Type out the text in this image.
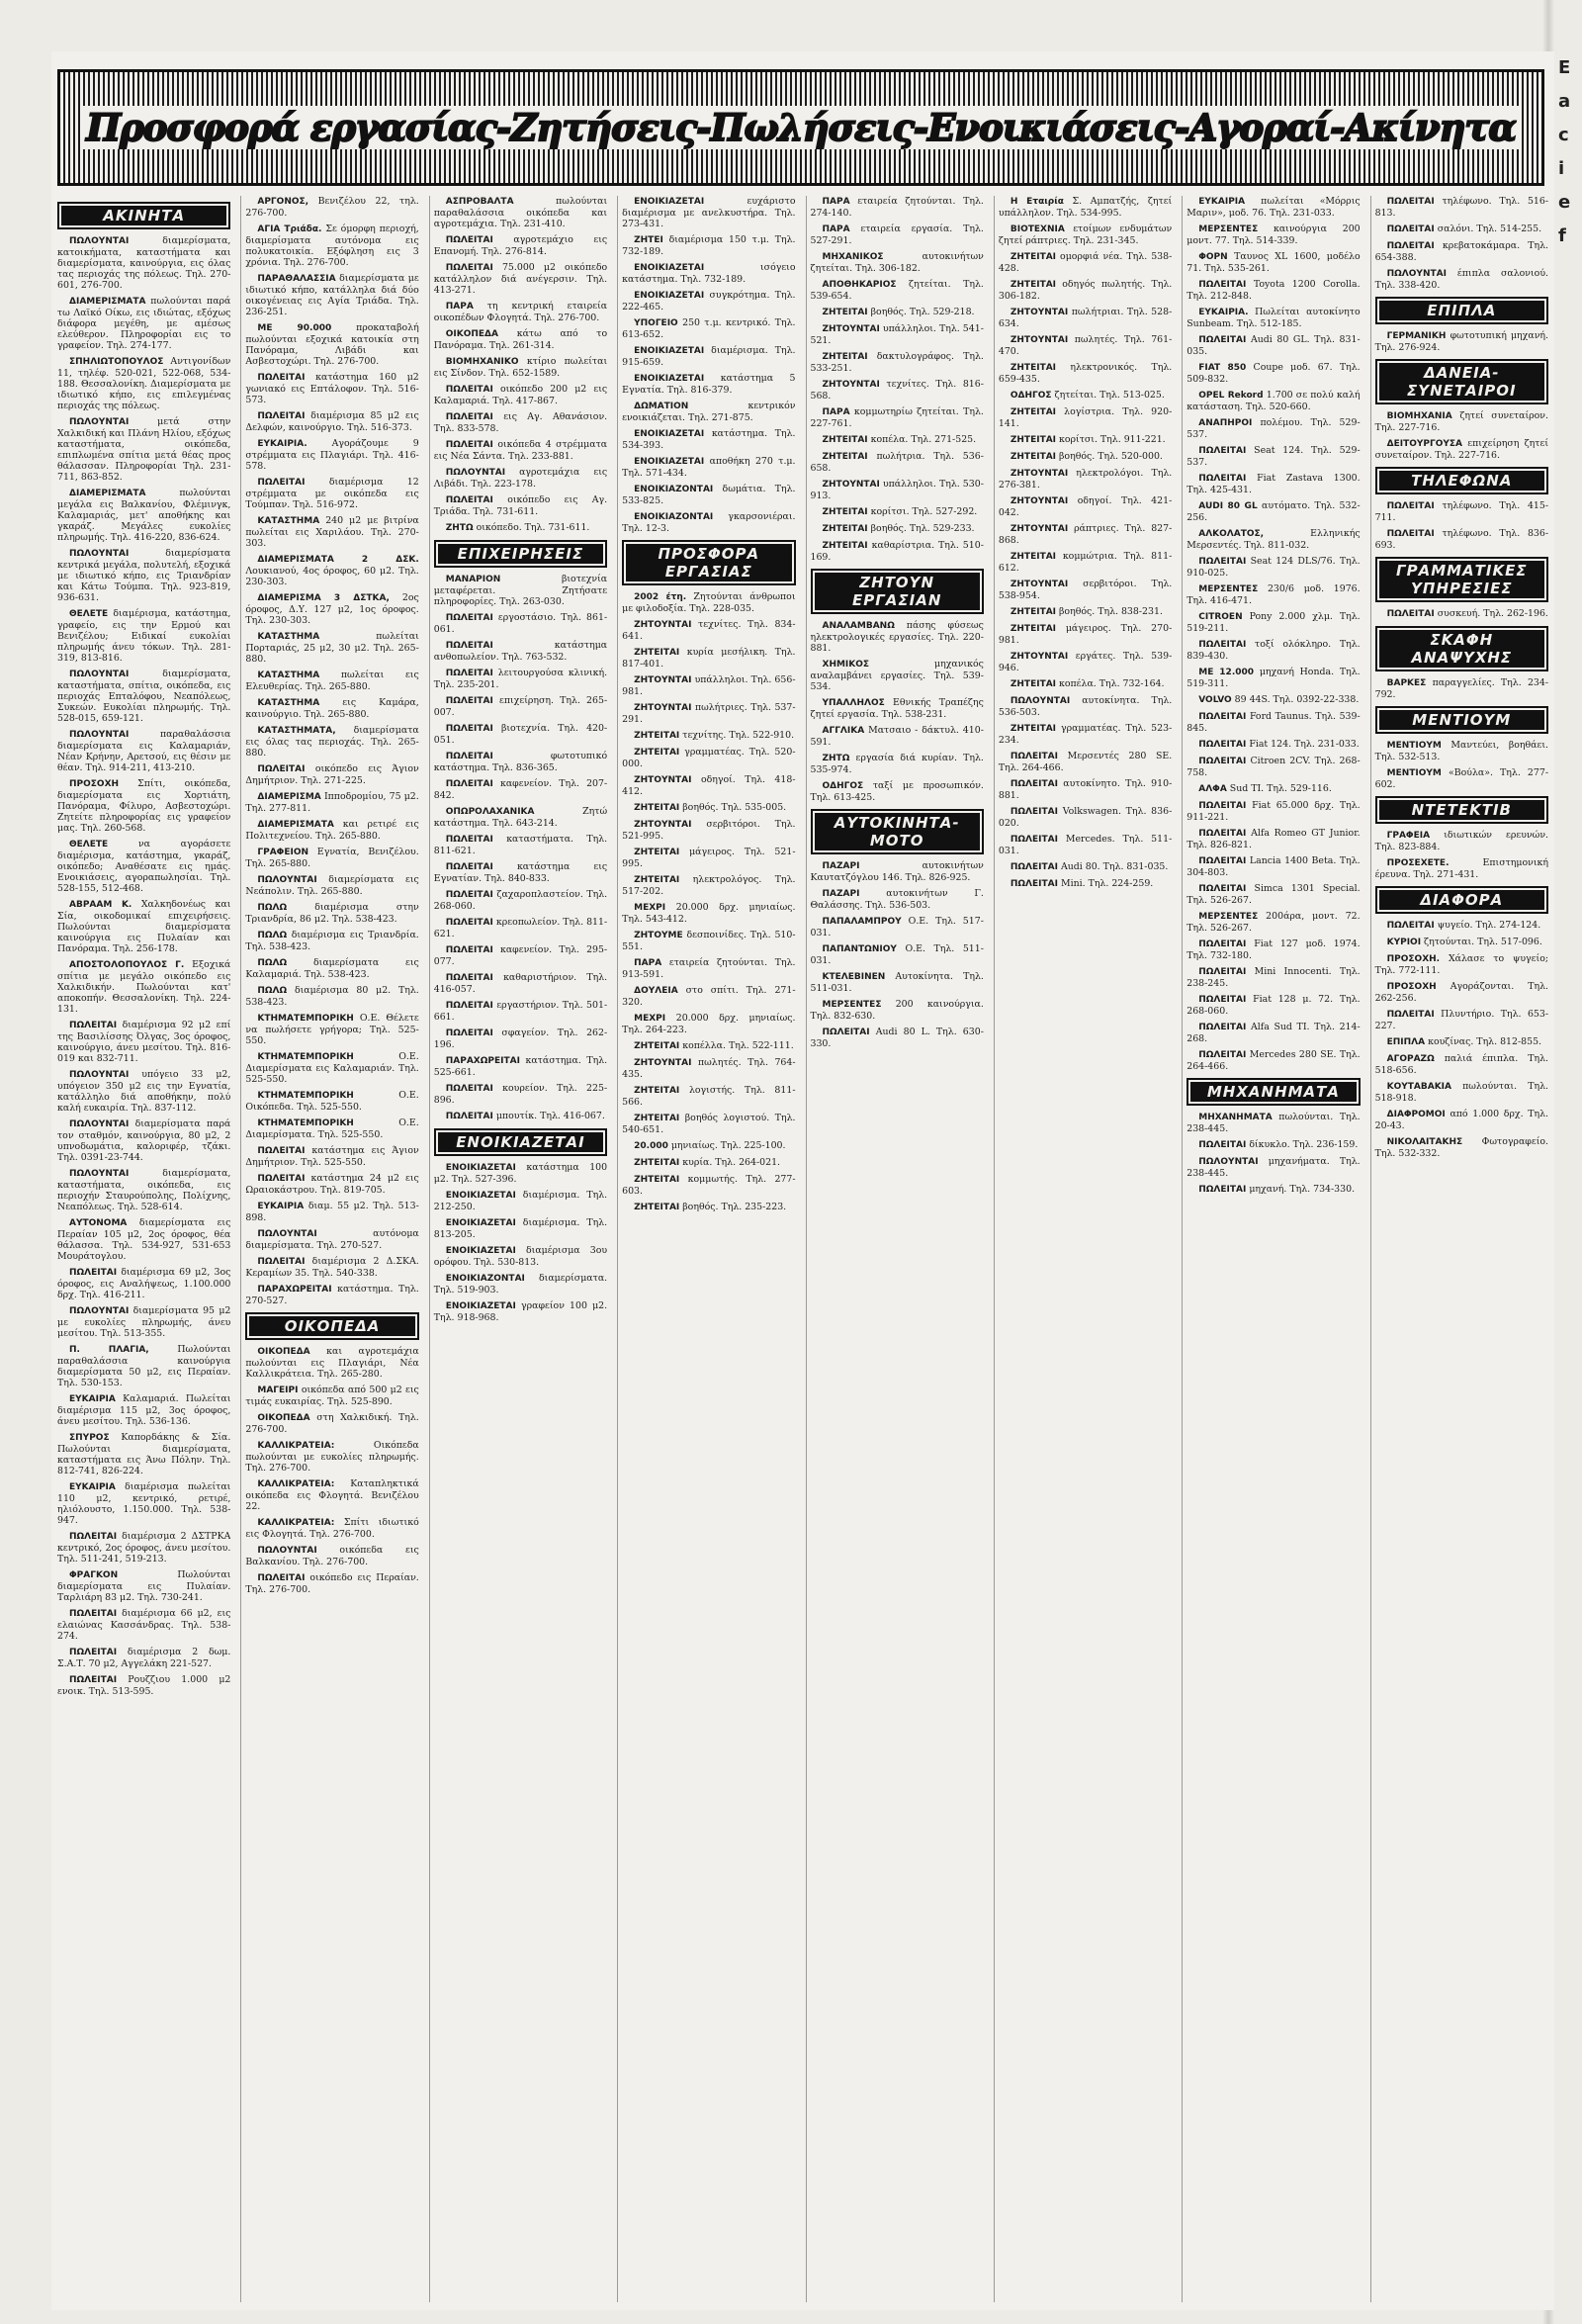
Προσφορά εργασίας-Ζητήσεις-Πωλήσεις-Ενοικιάσεις-Αγοραί-Ακίνητα
ΑΚΙΝΗΤΑ

ΠΩΛΟΥΝΤΑΙ	διαμερίσματα, κατοικήματα, καταστήματα και διαμερίσματα, καινούργια, εις όλας τας περιοχάς της πόλεως. Τηλ. 270-601, 276-700.

ΔΙΑΜΕΡΙΣΜΑΤΑ πωλούνται παρά τω Λαϊκό Οίκω, εις ιδιώτας, εξόχως διάφορα μεγέθη, με αμέσως ελεύθερον. Πληροφορίαι εις το γραφείον. Τηλ. 274-177.

ΣΠΗΛΙΩΤΟΠΟΥΛΟΣ Αντιγονίδων 11, τηλέφ. 520-021, 522-068, 534-188. Θεσσαλονίκη. Διαμερίσματα με ιδιωτικό κήπο, εις επιλεγμένας περιοχάς της πόλεως.

ΠΩΛΟΥΝΤΑΙ	μετά στην Χαλκιδική και Πλάνη Ηλίου, εξόχως καταστήματα, οικόπεδα, επιπλωμένα σπίτια μετά θέας προς θάλασσαν. Πληροφορίαι Τηλ. 231-711, 863-852.

ΔΙΑΜΕΡΙΣΜΑΤΑ	πωλούνται μεγάλα εις Βαλκανίου, Φλέμινγκ, Καλαμαριάς, μετ' αποθήκης και γκαράζ. Μεγάλες ευκολίες πληρωμής. Τηλ. 416-220, 836-624.

ΠΩΛΟΥΝΤΑΙ	διαμερίσματα κεντρικά μεγάλα, πολυτελή, εξοχικά με ιδιωτικό κήπο, εις Τριανδρίαν και Κάτω Τούμπα. Τηλ. 923-819, 936-631.

ΘΕΛΕΤΕ διαμέρισμα, κατάστημα, γραφείο, εις την Ερμού και Βενιζέλου; Ειδικαί ευκολίαι πληρωμής άνευ τόκων. Τηλ. 281-319, 813-816.

ΠΩΛΟΥΝΤΑΙ	διαμερίσματα, καταστήματα, σπίτια, οικόπεδα, εις περιοχάς Επταλόφου, Νεαπόλεως, Συκεών. Ευκολίαι πληρωμής. Τηλ. 528-015, 659-121.

ΠΩΛΟΥΝΤΑΙ	παραθαλάσσια διαμερίσματα εις Καλαμαριάν, Νέαν Κρήνην, Αρετσού, εις θέσιν με θέαν. Τηλ. 914-211, 413-210.

ΠΡΟΣΟΧΗ Σπίτι, οικόπεδα, διαμερίσματα εις Χορτιάτη, Πανόραμα, Φίλυρο, Ασβεστοχώρι. Ζητείτε πληροφορίας εις γραφείον μας. Τηλ. 260-568.

ΘΕΛΕΤΕ	να αγοράσετε διαμέρισμα, κατάστημα, γκαράζ, οικόπεδο; Αναθέσατε εις ημάς. Ενοικιάσεις, αγοραπωλησίαι. Τηλ. 528-155, 512-468.

ΑΒΡΑΑΜ Κ. Χαλκηδονέως και Σία, οικοδομικαί επιχειρήσεις. Πωλούνται διαμερίσματα καινούργια εις Πυλαίαν και Πανόραμα. Τηλ. 256-178.

ΑΠΟΣΤΟΛΟΠΟΥΛΟΣ Γ. Εξοχικά σπίτια με μεγάλο οικόπεδο εις Χαλκιδικήν. Πωλούνται κατ' αποκοπήν. Θεσσαλονίκη. Τηλ. 224-131.

ΠΩΛΕΙΤΑΙ διαμέρισμα 92 μ2 επί της Βασιλίσσης Όλγας, 3ος όροφος, καινούργιο, άνευ μεσίτου. Τηλ. 816-019 και 832-711.

ΠΩΛΟΥΝΤΑΙ υπόγειο 33 μ2, υπόγειον 350 μ2 εις την Εγνατία, κατάλληλο διά αποθήκην, πολύ καλή ευκαιρία. Τηλ. 837-112.

ΠΩΛΟΥΝΤΑΙ διαμερίσματα παρά τον σταθμόν, καινούργια, 80 μ2, 2 υπνοδωμάτια, καλοριφέρ, τζάκι. Τηλ. 0391-23-744.

ΠΩΛΟΥΝΤΑΙ	διαμερίσματα, καταστήματα, οικόπεδα, εις περιοχήν Σταυρούπολης, Πολίχνης, Νεαπόλεως. Τηλ. 528-614.

ΑΥΤΟΝΟΜΑ διαμερίσματα εις Περαίαν 105 μ2, 2ος όροφος, θέα θάλασσα. Τηλ. 534-927, 531-653 Μουράτογλου.

ΠΩΛΕΙΤΑΙ διαμέρισμα 69 μ2, 3ος όροφος, εις Αναλήψεως, 1.100.000 δρχ. Τηλ. 416-211.

ΠΩΛΟΥΝΤΑΙ διαμερίσματα 95 μ2 με ευκολίες πληρωμής, άνευ μεσίτου. Τηλ. 513-355.

Π. ΠΛΑΓΙΑ,	Πωλούνται παραθαλάσσια καινούργια διαμερίσματα 50 μ2, εις Περαίαν. Τηλ. 530-153.

ΕΥΚΑΙΡΙΑ Καλαμαριά. Πωλείται διαμέρισμα 115 μ2, 3ος όροφος, άνευ μεσίτου. Τηλ. 536-136.

ΣΠΥΡΟΣ Καπορδάκης & Σία. Πωλούνται διαμερίσματα, καταστήματα εις Άνω Πόλην. Τηλ. 812-741, 826-224.

ΕΥΚΑΙΡΙΑ διαμέρισμα πωλείται 110 μ2, κεντρικό, ρετιρέ, ηλιόλουστο, 1.150.000. Τηλ. 538-947.

ΠΩΛΕΙΤΑΙ διαμέρισμα 2 ΔΣΤΡΚΑ κεντρικό, 2ος όροφος, άνευ μεσίτου. Τηλ. 511-241, 519-213.

ΦΡΑΓΚΟΝ	Πωλούνται διαμερίσματα εις Πυλαίαν. Ταρλιάρη 83 μ2. Τηλ. 730-241.

ΠΩΛΕΙΤΑΙ διαμέρισμα 66 μ2, εις ελαιώνας Κασσάνδρας. Τηλ. 538-274.

ΠΩΛΕΙΤΑΙ διαμέρισμα 2 δωμ. Σ.Α.Τ. 70 μ2, Αγγελάκη 221-527.

ΠΩΛΕΙΤΑΙ Ρουζζιου 1.000 μ2 ενοικ. Τηλ. 513-595.

ΑΡΓΟΝΟΣ, Βενιζέλου 22, τηλ. 276-700.

ΑΓΙΑ Τριάδα. Σε όμορφη περιοχή, διαμερίσματα αυτόνομα εις πολυκατοικία. Εξόφληση εις 3 χρόνια. Τηλ. 276-700.

ΠΑΡΑΘΑΛΑΣΣΙΑ διαμερίσματα με ιδιωτικό κήπο, κατάλληλα διά δύο οικογένειας εις Αγία Τριάδα. Τηλ. 236-251.

ΜΕ 90.000	προκαταβολή πωλούνται εξοχικά κατοικία στη Πανόραμα, Λιβάδι και Ασβεστοχώρι. Τηλ. 276-700.

ΠΩΛΕΙΤΑΙ κατάστημα 160 μ2 γωνιακό εις Επτάλοφον. Τηλ. 516-573.

ΠΩΛΕΙΤΑΙ διαμέρισμα 85 μ2 εις Δελφών, καινούργιο. Τηλ. 516-373.

ΕΥΚΑΙΡΙΑ.	Αγοράζουμε 9 στρέμματα εις Πλαγιάρι. Τηλ. 416-578.

ΠΩΛΕΙΤΑΙ	διαμέρισμα 12 στρέμματα με οικόπεδα εις Τούμπαν. Τηλ. 516-972.

ΚΑΤΑΣΤΗΜΑ 240 μ2 με βιτρίνα πωλείται εις Χαριλάου. Τηλ. 270-303.

ΔΙΑΜΕΡΙΣΜΑΤΑ 2 ΔΣΚ. Λουκιανού, 4ος όροφος, 60 μ2. Τηλ. 230-303.

ΔΙΑΜΕΡΙΣΜΑ 3 ΔΣΤΚΑ, 2ος όροφος, Δ.Υ. 127 μ2, 1ος όροφος. Τηλ. 230-303.

ΚΑΤΑΣΤΗΜΑ	πωλείται Πορταριάς, 25 μ2, 30 μ2. Τηλ. 265-880.

ΚΑΤΑΣΤΗΜΑ πωλείται εις Ελευθερίας. Τηλ. 265-880.

ΚΑΤΑΣΤΗΜΑ εις Καμάρα, καινούργιο. Τηλ. 265-880.

ΚΑΤΑΣΤΗΜΑΤΑ, διαμερίσματα εις όλας τας περιοχάς. Τηλ. 265-880.

ΠΩΛΕΙΤΑΙ οικόπεδο εις Άγιον Δημήτριον. Τηλ. 271-225.

ΔΙΑΜΕΡΙΣΜΑ Ιπποδρομίου, 75 μ2. Τηλ. 277-811.

ΔΙΑΜΕΡΙΣΜΑΤΑ και ρετιρέ εις Πολιτεχνείου. Τηλ. 265-880.

ΓΡΑΦΕΙΟΝ Εγνατία, Βενιζέλου. Τηλ. 265-880.

ΠΩΛΟΥΝΤΑΙ διαμερίσματα εις Νεάπολιν. Τηλ. 265-880.

ΠΩΛΩ	διαμέρισμα στην Τριανδρία, 86 μ2. Τηλ. 538-423.

ΠΩΛΩ διαμέρισμα εις Τριανδρία. Τηλ. 538-423.

ΠΩΛΩ	διαμερίσματα εις Καλαμαριά. Τηλ. 538-423.

ΠΩΛΩ διαμέρισμα 80 μ2. Τηλ. 538-423.

ΚΤΗΜΑΤΕΜΠΟΡΙΚΗ Ο.Ε. Θέλετε να πωλήσετε γρήγορα; Τηλ. 525-550.

ΚΤΗΜΑΤΕΜΠΟΡΙΚΗ	Ο.Ε. Διαμερίσματα εις Καλαμαριάν. Τηλ. 525-550.

ΚΤΗΜΑΤΕΜΠΟΡΙΚΗ	Ο.Ε. Οικόπεδα. Τηλ. 525-550.

ΚΤΗΜΑΤΕΜΠΟΡΙΚΗ	Ο.Ε. Διαμερίσματα. Τηλ. 525-550.

ΠΩΛΕΙΤΑΙ κατάστημα εις Άγιον Δημήτριον. Τηλ. 525-550.

ΠΩΛΕΙΤΑΙ κατάστημα 24 μ2 εις Ωραιοκάστρου. Τηλ. 819-705.

ΕΥΚΑΙΡΙΑ διαμ. 55 μ2. Τηλ. 513-898.

ΠΩΛΟΥΝΤΑΙ	αυτόνομα διαμερίσματα. Τηλ. 270-527.

ΠΩΛΕΙΤΑΙ διαμέρισμα 2 Δ.ΣΚΑ. Κεραμίων 35. Τηλ. 540-338.

ΠΑΡΑΧΩΡΕΙΤΑΙ κατάστημα. Τηλ. 270-527.

ΟΙΚΟΠΕΔΑ

ΟΙΚΟΠΕΔΑ και αγροτεμάχια πωλούνται εις Πλαγιάρι, Νέα Καλλικράτεια. Τηλ. 265-280.

ΜΑΓΕΙΡΙ οικόπεδα από 500 μ2 εις τιμάς ευκαιρίας. Τηλ. 525-890.

ΟΙΚΟΠΕΔΑ στη Χαλκιδική. Τηλ. 276-700.

ΚΑΛΛΙΚΡΑΤΕΙΑ:	Οικόπεδα πωλούνται με ευκολίες πληρωμής. Τηλ. 276-700.

ΚΑΛΛΙΚΡΑΤΕΙΑ: Καταπληκτικά οικόπεδα εις Φλογητά. Βενιζέλου 22.

ΚΑΛΛΙΚΡΑΤΕΙΑ: Σπίτι ιδιωτικό εις Φλογητά. Τηλ. 276-700.

ΠΩΛΟΥΝΤΑΙ οικόπεδα εις Βαλκανίου. Τηλ. 276-700.

ΠΩΛΕΙΤΑΙ οικόπεδο εις Περαίαν. Τηλ. 276-700.

ΑΣΠΡΟΒΑΛΤΑ	πωλούνται παραθαλάσσια οικόπεδα και αγροτεμάχια. Τηλ. 231-410.

ΠΩΛΕΙΤΑΙ αγροτεμάχιο εις Επανομή. Τηλ. 276-814.

ΠΩΛΕΙΤΑΙ 75.000 μ2 οικόπεδο κατάλληλον διά ανέγερσιν. Τηλ. 413-271.

ΠΑΡΑ τη κεντρική εταιρεία οικοπέδων Φλογητά. Τηλ. 276-700.

ΟΙΚΟΠΕΔΑ κάτω από το Πανόραμα. Τηλ. 261-314.

ΒΙΟΜΗΧΑΝΙΚΟ κτίριο πωλείται εις Σίνδον. Τηλ. 652-1589.

ΠΩΛΕΙΤΑΙ οικόπεδο 200 μ2 εις Καλαμαριά. Τηλ. 417-867.

ΠΩΛΕΙΤΑΙ εις Αγ. Αθανάσιον. Τηλ. 833-578.

ΠΩΛΕΙΤΑΙ οικόπεδα 4 στρέμματα εις Νέα Σάντα. Τηλ. 233-881.

ΠΩΛΟΥΝΤΑΙ αγροτεμάχια εις Λιβάδι. Τηλ. 223-178.

ΠΩΛΕΙΤΑΙ οικόπεδο εις Αγ. Τριάδα. Τηλ. 731-611.

ΖΗΤΩ οικόπεδο. Τηλ. 731-611.

ΕΠΙΧΕΙΡΗΣΕΙΣ

ΜΑΝΑΡΙΟΝ	βιοτεχνία μεταφέρεται. Ζητήσατε πληροφορίες. Τηλ. 263-030.

ΠΩΛΕΙΤΑΙ εργοστάσιο. Τηλ. 861-061.

ΠΩΛΕΙΤΑΙ	κατάστημα ανθοπωλείον. Τηλ. 763-532.

ΠΩΛΕΙΤΑΙ λειτουργούσα κλινική. Τηλ. 235-201.

ΠΩΛΕΙΤΑΙ επιχείρηση. Τηλ. 265-007.

ΠΩΛΕΙΤΑΙ βιοτεχνία. Τηλ. 420-051.

ΠΩΛΕΙΤΑΙ	φωτοτυπικό κατάστημα. Τηλ. 836-365.

ΠΩΛΕΙΤΑΙ καφενείον. Τηλ. 207-842.

ΟΠΩΡΟΛΑΧΑΝΙΚΑ	Ζητώ κατάστημα. Τηλ. 643-214.

ΠΩΛΕΙΤΑΙ καταστήματα. Τηλ. 811-621.

ΠΩΛΕΙΤΑΙ	κατάστημα εις Εγνατίαν. Τηλ. 840-833.

ΠΩΛΕΙΤΑΙ ζαχαροπλαστείον. Τηλ. 268-060.

ΠΩΛΕΙΤΑΙ κρεοπωλείον. Τηλ. 811-621.

ΠΩΛΕΙΤΑΙ καφενείον. Τηλ. 295-077.

ΠΩΛΕΙΤΑΙ καθαριστήριον. Τηλ. 416-057.

ΠΩΛΕΙΤΑΙ εργαστήριον. Τηλ. 501-661.

ΠΩΛΕΙΤΑΙ σφαγείον. Τηλ. 262-196.

ΠΑΡΑΧΩΡΕΙΤΑΙ κατάστημα. Τηλ. 525-661.

ΠΩΛΕΙΤΑΙ κουρείον. Τηλ. 225-896.

ΠΩΛΕΙΤΑΙ μπουτίκ. Τηλ. 416-067.

ΕΝΟΙΚΙΑΖΕΤΑΙ

ΕΝΟΙΚΙΑΖΕΤΑΙ κατάστημα 100 μ2. Τηλ. 527-396.

ΕΝΟΙΚΙΑΖΕΤΑΙ διαμέρισμα. Τηλ. 212-250.

ΕΝΟΙΚΙΑΖΕΤΑΙ διαμέρισμα. Τηλ. 813-205.

ΕΝΟΙΚΙΑΖΕΤΑΙ διαμέρισμα 3ου ορόφου. Τηλ. 530-813.

ΕΝΟΙΚΙΑΖΟΝΤΑΙ διαμερίσματα. Τηλ. 519-903.

ΕΝΟΙΚΙΑΖΕΤΑΙ γραφείον 100 μ2. Τηλ. 918-968.

ΕΝΟΙΚΙΑΖΕΤΑΙ	ευχάριστο διαμέρισμα με ανελκυστήρα. Τηλ. 273-431.

ΖΗΤΕΙ διαμέρισμα 150 τ.μ. Τηλ. 732-189.

ΕΝΟΙΚΙΑΖΕΤΑΙ	ισόγειο κατάστημα. Τηλ. 732-189.

ΕΝΟΙΚΙΑΖΕΤΑΙ συγκρότημα. Τηλ. 222-465.

ΥΠΟΓΕΙΟ 250 τ.μ. κεντρικό. Τηλ. 613-652.

ΕΝΟΙΚΙΑΖΕΤΑΙ διαμέρισμα. Τηλ. 915-659.

ΕΝΟΙΚΙΑΖΕΤΑΙ κατάστημα 5 Εγνατία. Τηλ. 816-379.

ΔΩΜΑΤΙΟΝ	κεντρικόν ενοικιάζεται. Τηλ. 271-875.

ΕΝΟΙΚΙΑΖΕΤΑΙ κατάστημα. Τηλ. 534-393.

ΕΝΟΙΚΙΑΖΕΤΑΙ αποθήκη 270 τ.μ. Τηλ. 571-434.

ΕΝΟΙΚΙΑΖΟΝΤΑΙ δωμάτια. Τηλ. 533-825.

ΕΝΟΙΚΙΑΖΟΝΤΑΙ γκαρσονιέραι. Τηλ. 12-3.

ΠΡΟΣΦΟΡΑ ΕΡΓΑΣΙΑΣ

2002 έτη. Ζητούνται άνθρωποι με φιλοδοξία. Τηλ. 228-035.

ΖΗΤΟΥΝΤΑΙ τεχνίτες. Τηλ. 834-641.

ΖΗΤΕΙΤΑΙ κυρία μεσήλικη. Τηλ. 817-401.

ΖΗΤΟΥΝΤΑΙ υπάλληλοι. Τηλ. 656-981.

ΖΗΤΟΥΝΤΑΙ πωλήτριες. Τηλ. 537-291.

ΖΗΤΕΙΤΑΙ τεχνίτης. Τηλ. 522-910.

ΖΗΤΕΙΤΑΙ γραμματέας. Τηλ. 520-000.

ΖΗΤΟΥΝΤΑΙ οδηγοί. Τηλ. 418-412.

ΖΗΤΕΙΤΑΙ βοηθός. Τηλ. 535-005.

ΖΗΤΟΥΝΤΑΙ σερβιτόροι. Τηλ. 521-995.

ΖΗΤΕΙΤΑΙ μάγειρος. Τηλ. 521-995.

ΖΗΤΕΙΤΑΙ ηλεκτρολόγος. Τηλ. 517-202.

ΜΕΧΡΙ 20.000 δρχ. μηνιαίως. Τηλ. 543-412.

ΖΗΤΟΥΜΕ δεσποινίδες. Τηλ. 510-551.

ΠΑΡΑ εταιρεία ζητούνται. Τηλ. 913-591.

ΔΟΥΛΕΙΑ στο σπίτι. Τηλ. 271-320.

ΜΕΧΡΙ 20.000 δρχ. μηνιαίως. Τηλ. 264-223.

ΖΗΤΕΙΤΑΙ κοπέλλα. Τηλ. 522-111.

ΖΗΤΟΥΝΤΑΙ πωλητές. Τηλ. 764-435.

ΖΗΤΕΙΤΑΙ λογιστής. Τηλ. 811-566.

ΖΗΤΕΙΤΑΙ βοηθός λογιστού. Τηλ. 540-651.

20.000 μηνιαίως. Τηλ. 225-100.

ΖΗΤΕΙΤΑΙ κυρία. Τηλ. 264-021.

ΖΗΤΕΙΤΑΙ κομμωτής. Τηλ. 277-603.

ΖΗΤΕΙΤΑΙ βοηθός. Τηλ. 235-223.

ΠΑΡΑ εταιρεία ζητούνται. Τηλ. 274-140.

ΠΑΡΑ εταιρεία εργασία. Τηλ. 527-291.

ΜΗΧΑΝΙΚΟΣ	αυτοκινήτων ζητείται. Τηλ. 306-182.

ΑΠΟΘΗΚΑΡΙΟΣ ζητείται. Τηλ. 539-654.

ΖΗΤΕΙΤΑΙ βοηθός. Τηλ. 529-218.

ΖΗΤΟΥΝΤΑΙ υπάλληλοι. Τηλ. 541-521.

ΖΗΤΕΙΤΑΙ δακτυλογράφος. Τηλ. 533-251.

ΖΗΤΟΥΝΤΑΙ τεχνίτες. Τηλ. 816-568.

ΠΑΡΑ κομμωτηρίω ζητείται. Τηλ. 227-761.

ΖΗΤΕΙΤΑΙ κοπέλα. Τηλ. 271-525.

ΖΗΤΕΙΤΑΙ πωλήτρια. Τηλ. 536-658.

ΖΗΤΟΥΝΤΑΙ υπάλληλοι. Τηλ. 530-913.

ΖΗΤΕΙΤΑΙ κορίτσι. Τηλ. 527-292.

ΖΗΤΕΙΤΑΙ βοηθός. Τηλ. 529-233.

ΖΗΤΕΙΤΑΙ καθαρίστρια. Τηλ. 510-169.

ΖΗΤΟΥΝ ΕΡΓΑΣΙΑΝ

ΑΝΑΛΑΜΒΑΝΩ πάσης φύσεως ηλεκτρολογικές εργασίες. Τηλ. 220-881.

ΧΗΜΙΚΟΣ	μηχανικός αναλαμβάνει εργασίες. Τηλ. 539-534.

ΥΠΑΛΛΗΛΟΣ Εθνικής Τραπέζης ζητεί εργασία. Τηλ. 538-231.

ΑΓΓΛΙΚΑ Ματσαιο - δάκτυλ. 410-591.

ΖΗΤΩ εργασία διά κυρίαν. Τηλ. 535-974.

ΟΔΗΓΟΣ ταξί με προσωπικόν. Τηλ. 613-425.

ΑΥΤΟΚΙΝΗΤΑ-ΜΟΤΟ

ΠΑΖΑΡΙ	αυτοκινήτων Καυτατζόγλου 146. Τηλ. 826-925.

ΠΑΖΑΡΙ	αυτοκινήτων Γ. Θαλάσσης. Τηλ. 536-503.

ΠΑΠΑΛΑΜΠΡΟΥ Ο.Ε. Τηλ. 517-031.

ΠΑΠΑΝΤΩΝΙΟΥ Ο.Ε. Τηλ. 511-031.

ΚΤΕΛΕΒΙΝΕΝ Αυτοκίνητα. Τηλ. 511-031.

ΜΕΡΣΕΝΤΕΣ 200 καινούργια. Τηλ. 832-630.

ΠΩΛΕΙΤΑΙ Audi 80 L. Τηλ. 630-330.

Η Εταιρία Σ. Αμπατζής, ζητεί υπάλληλον. Τηλ. 534-995.

ΒΙΟΤΕΧΝΙΑ ετοίμων ενδυμάτων ζητεί ράπτριες. Τηλ. 231-345.

ΖΗΤΕΙΤΑΙ ομορφιά νέα. Τηλ. 538-428.

ΖΗΤΕΙΤΑΙ οδηγός πωλητής. Τηλ. 306-182.

ΖΗΤΟΥΝΤΑΙ πωλήτριαι. Τηλ. 528-634.

ΖΗΤΟΥΝΤΑΙ πωλητές. Τηλ. 761-470.

ΖΗΤΕΙΤΑΙ ηλεκτρονικός. Τηλ. 659-435.

ΟΔΗΓΟΣ ζητείται. Τηλ. 513-025.

ΖΗΤΕΙΤΑΙ λογίστρια. Τηλ. 920-141.

ΖΗΤΕΙΤΑΙ κορίτσι. Τηλ. 911-221.

ΖΗΤΕΙΤΑΙ βοηθός. Τηλ. 520-000.

ΖΗΤΟΥΝΤΑΙ ηλεκτρολόγοι. Τηλ. 276-381.

ΖΗΤΟΥΝΤΑΙ οδηγοί. Τηλ. 421-042.

ΖΗΤΟΥΝΤΑΙ ράπτριες. Τηλ. 827-868.

ΖΗΤΕΙΤΑΙ κομμώτρια. Τηλ. 811-612.

ΖΗΤΟΥΝΤΑΙ σερβιτόροι. Τηλ. 538-954.

ΖΗΤΕΙΤΑΙ βοηθός. Τηλ. 838-231.

ΖΗΤΕΙΤΑΙ μάγειρος. Τηλ. 270-981.

ΖΗΤΟΥΝΤΑΙ εργάτες. Τηλ. 539-946.

ΖΗΤΕΙΤΑΙ κοπέλα. Τηλ. 732-164.

ΠΩΛΟΥΝΤΑΙ αυτοκίνητα. Τηλ. 536-503.

ΖΗΤΕΙΤΑΙ γραμματέας. Τηλ. 523-234.

ΠΩΛΕΙΤΑΙ Μερσεντές 280 SE. Τηλ. 264-466.

ΠΩΛΕΙΤΑΙ αυτοκίνητο. Τηλ. 910-881.

ΠΩΛΕΙΤΑΙ Volkswagen. Τηλ. 836-020.

ΠΩΛΕΙΤΑΙ Mercedes. Τηλ. 511-031.

ΠΩΛΕΙΤΑΙ Audi 80. Τηλ. 831-035.

ΠΩΛΕΙΤΑΙ Mini. Τηλ. 224-259.

ΕΥΚΑΙΡΙΑ πωλείται «Μόρρις Μαριν», μοδ. 76. Τηλ. 231-033.

ΜΕΡΣΕΝΤΕΣ καινούργια 200 μοντ. 77. Τηλ. 514-339.

ΦΟΡΝ Ταυνος XL 1600, μοδέλο 71. Τηλ. 535-261.

ΠΩΛΕΙΤΑΙ Toyota 1200 Corolla. Τηλ. 212-848.

ΕΥΚΑΙΡΙΑ. Πωλείται αυτοκίνητο Sunbeam. Τηλ. 512-185.

ΠΩΛΕΙΤΑΙ Audi 80 GL. Τηλ. 831-035.

FIAT 850 Coupe μοδ. 67. Τηλ. 509-832.

OPEL Rekord 1.700 σε πολύ καλή κατάσταση. Τηλ. 520-660.

ΑΝΑΠΗΡΟΙ πολέμου. Τηλ. 529-537.

ΠΩΛΕΙΤΑΙ Seat 124. Τηλ. 529-537.

ΠΩΛΕΙΤΑΙ Fiat Zastava 1300. Τηλ. 425-431.

AUDI 80 GL αυτόματο. Τηλ. 532-256.

ΑΛΚΟΛΑΤΟΣ,	Ελληνικής Μερσεντές. Τηλ. 811-032.

ΠΩΛΕΙΤΑΙ Seat 124 DLS/76. Τηλ. 910-025.

ΜΕΡΣΕΝΤΕΣ 230/6 μοδ. 1976. Τηλ. 416-471.

CITROEN Pony 2.000 χλμ. Τηλ. 519-211.

ΠΩΛΕΙΤΑΙ τοξί ολόκληρο. Τηλ. 839-430.

ΜΕ 12.000 μηχανή Honda. Τηλ. 519-311.

VOLVO 89 44S. Τηλ. 0392-22-338.

ΠΩΛΕΙΤΑΙ Ford Taunus. Τηλ. 539-845.

ΠΩΛΕΙΤΑΙ Fiat 124. Τηλ. 231-033.

ΠΩΛΕΙΤΑΙ Citroen 2CV. Τηλ. 268-758.

ΑΛΦΑ Sud TI. Τηλ. 529-116.

ΠΩΛΕΙΤΑΙ Fiat 65.000 δρχ. Τηλ. 911-221.

ΠΩΛΕΙΤΑΙ Alfa Romeo GT Junior. Τηλ. 826-821.

ΠΩΛΕΙΤΑΙ Lancia 1400 Beta. Τηλ. 304-803.

ΠΩΛΕΙΤΑΙ Simca 1301 Special. Τηλ. 526-267.

ΜΕΡΣΕΝΤΕΣ 200άρα, μοντ. 72. Τηλ. 526-267.

ΠΩΛΕΙΤΑΙ Fiat 127 μοδ. 1974. Τηλ. 732-180.

ΠΩΛΕΙΤΑΙ Mini Innocenti. Τηλ. 238-245.

ΠΩΛΕΙΤΑΙ Fiat 128 μ. 72. Τηλ. 268-060.

ΠΩΛΕΙΤΑΙ Alfa Sud TI. Τηλ. 214-268.

ΠΩΛΕΙΤΑΙ Mercedes 280 SE. Τηλ. 264-466.

ΜΗΧΑΝΗΜΑΤΑ

ΜΗΧΑΝΗΜΑΤΑ πωλούνται. Τηλ. 238-445.

ΠΩΛΕΙΤΑΙ δίκυκλο. Τηλ. 236-159.

ΠΩΛΟΥΝΤΑΙ μηχανήματα. Τηλ. 238-445.

ΠΩΛΕΙΤΑΙ μηχανή. Τηλ. 734-330.

ΠΩΛΕΙΤΑΙ τηλέφωνο. Τηλ. 516-813.

ΠΩΛΕΙΤΑΙ σαλόνι. Τηλ. 514-255.

ΠΩΛΕΙΤΑΙ κρεβατοκάμαρα. Τηλ. 654-388.

ΠΩΛΟΥΝΤΑΙ έπιπλα σαλονιού. Τηλ. 338-420.

ΕΠΙΠΛΑ

ΓΕΡΜΑΝΙΚΗ φωτοτυπική μηχανή. Τηλ. 276-924.

ΔΑΝΕΙΑ-ΣΥΝΕΤΑΙΡΟΙ

ΒΙΟΜΗΧΑΝΙΑ ζητεί συνεταίρον. Τηλ. 227-716.

ΔΕΙΤΟΥΡΓΟΥΣΑ επιχείρηση ζητεί συνεταίρον. Τηλ. 227-716.

ΤΗΛΕΦΩΝΑ

ΠΩΛΕΙΤΑΙ τηλέφωνο. Τηλ. 415-711.

ΠΩΛΕΙΤΑΙ τηλέφωνο. Τηλ. 836-693.

ΓΡΑΜΜΑΤΙΚΕΣ ΥΠΗΡΕΣΙΕΣ

ΠΩΛΕΙΤΑΙ συσκευή. Τηλ. 262-196.

ΣΚΑΦΗ ΑΝΑΨΥΧΗΣ

ΒΑΡΚΕΣ παραγγελίες. Τηλ. 234-792.

ΜΕΝΤΙΟΥΜ

ΜΕΝΤΙΟΥΜ Μαντεύει, βοηθάει. Τηλ. 532-513.

ΜΕΝΤΙΟΥΜ «Βούλα». Τηλ. 277-602.

ΝΤΕΤΕΚΤΙΒ

ΓΡΑΦΕΙΑ ιδιωτικών ερευνών. Τηλ. 823-884.

ΠΡΟΣΕΧΕΤΕ.	Επιστημονική έρευνα. Τηλ. 271-431.

ΔΙΑΦΟΡΑ

ΠΩΛΕΙΤΑΙ ψυγείο. Τηλ. 274-124.

ΚΥΡΙΟΙ ζητούνται. Τηλ. 517-096.

ΠΡΟΣΟΧΗ. Χάλασε το ψυγείο; Τηλ. 772-111.

ΠΡΟΣΟΧΗ Αγοράζονται. Τηλ. 262-256.

ΠΩΛΕΙΤΑΙ Πλυντήριο. Τηλ. 653-227.

ΕΠΙΠΛΑ κουζίνας. Τηλ. 812-855.

ΑΓΟΡΑΖΩ παλιά έπιπλα. Τηλ. 518-656.

ΚΟΥΤΑΒΑΚΙΑ πωλούνται. Τηλ. 518-918.

ΔΙΑΦΡΟΜΟΙ από 1.000 δρχ. Τηλ. 20-43.

ΝΙΚΟΛΑΙΤΑΚΗΣ Φωτογραφείο. Τηλ. 532-332.

E
a
c
i
e
f
